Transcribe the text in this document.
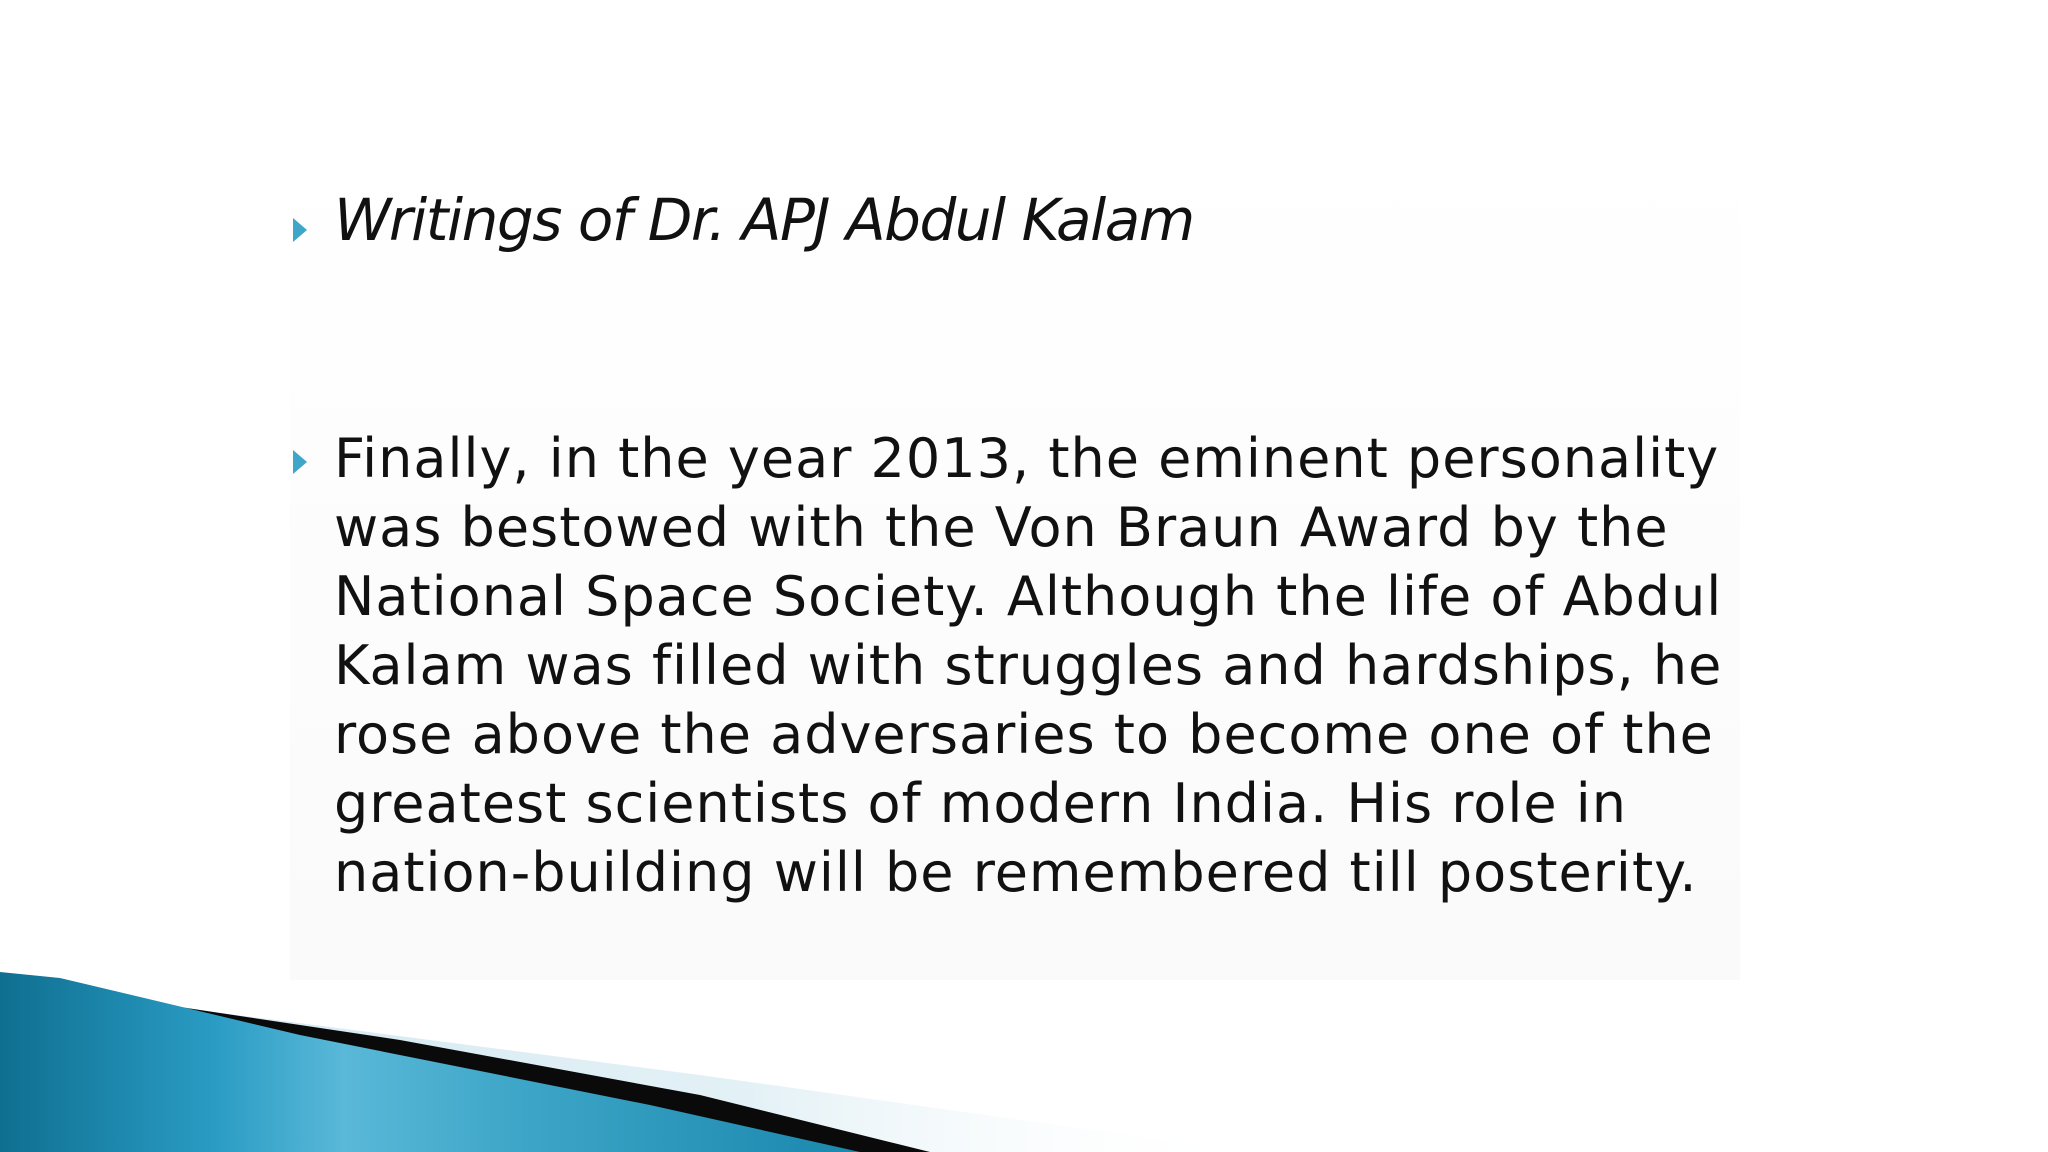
Writings of Dr. APJ Abdul Kalam

Finally, in the year 2013, the eminent personality
was bestowed with the Von Braun Award by the
National Space Society. Although the life of Abdul
Kalam was filled with struggles and hardships, he
rose above the adversaries to become one of the
greatest scientists of modern India. His role in
nation-building will be remembered till posterity.
